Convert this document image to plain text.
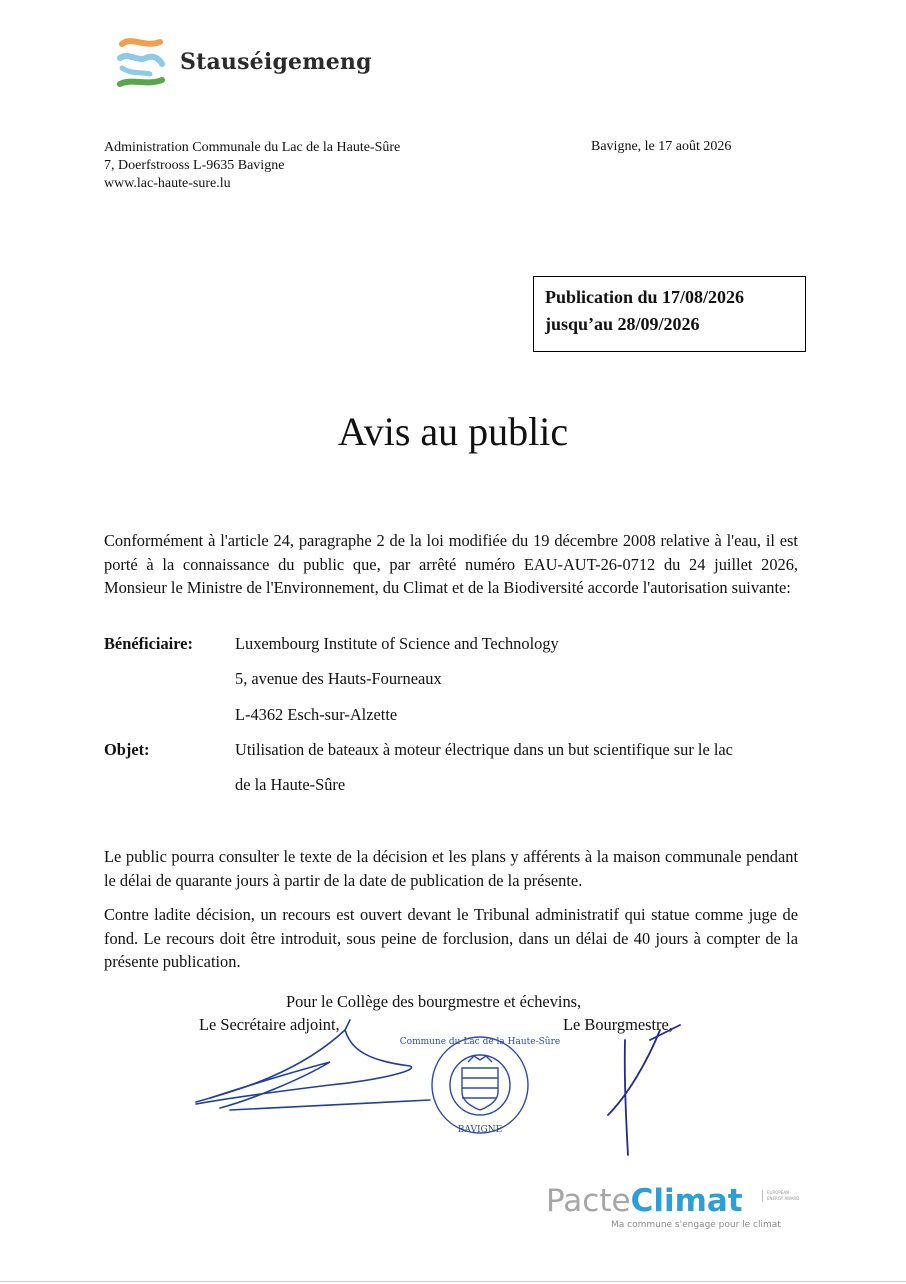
Stauséigemeng
Administration Communale du Lac de la Haute-Sûre
7, Doerfstrooss L-9635 Bavigne
www.lac-haute-sure.lu
Bavigne, le 17 août 2026
Publication du 17/08/2026
jusqu’au 28/09/2026
Avis au public
Conformément à l'article 24, paragraphe 2 de la loi modifiée du 19 décembre 2008 relative à l'eau, il est porté à la connaissance du public que, par arrêté numéro EAU-AUT-26-0712 du 24 juillet 2026, Monsieur le Ministre de l'Environnement, du Climat et de la Biodiversité accorde l'autorisation suivante:
Bénéficiaire:	Luxembourg Institute of Science and Technology
5, avenue des Hauts-Fourneaux
L-4362 Esch-sur-Alzette
Objet:	Utilisation de bateaux à moteur électrique dans un but scientifique sur le lac
de la Haute-Sûre
Le public pourra consulter le texte de la décision et les plans y afférents à la maison communale pendant le délai de quarante jours à partir de la date de publication de la présente.
Contre ladite décision, un recours est ouvert devant le Tribunal administratif qui statue comme juge de fond. Le recours doit être introduit, sous peine de forclusion, dans un délai de 40 jours à compter de la présente publication.
Pour le Collège des bourgmestre et échevins,
Le Secrétaire adjoint,	Le Bourgmestre,
Commune du Lac de la Haute-Sûre
BAVIGNE
PacteClimat	EUROPEAN ENERGY AWARD
Ma commune s'engage pour le climat
